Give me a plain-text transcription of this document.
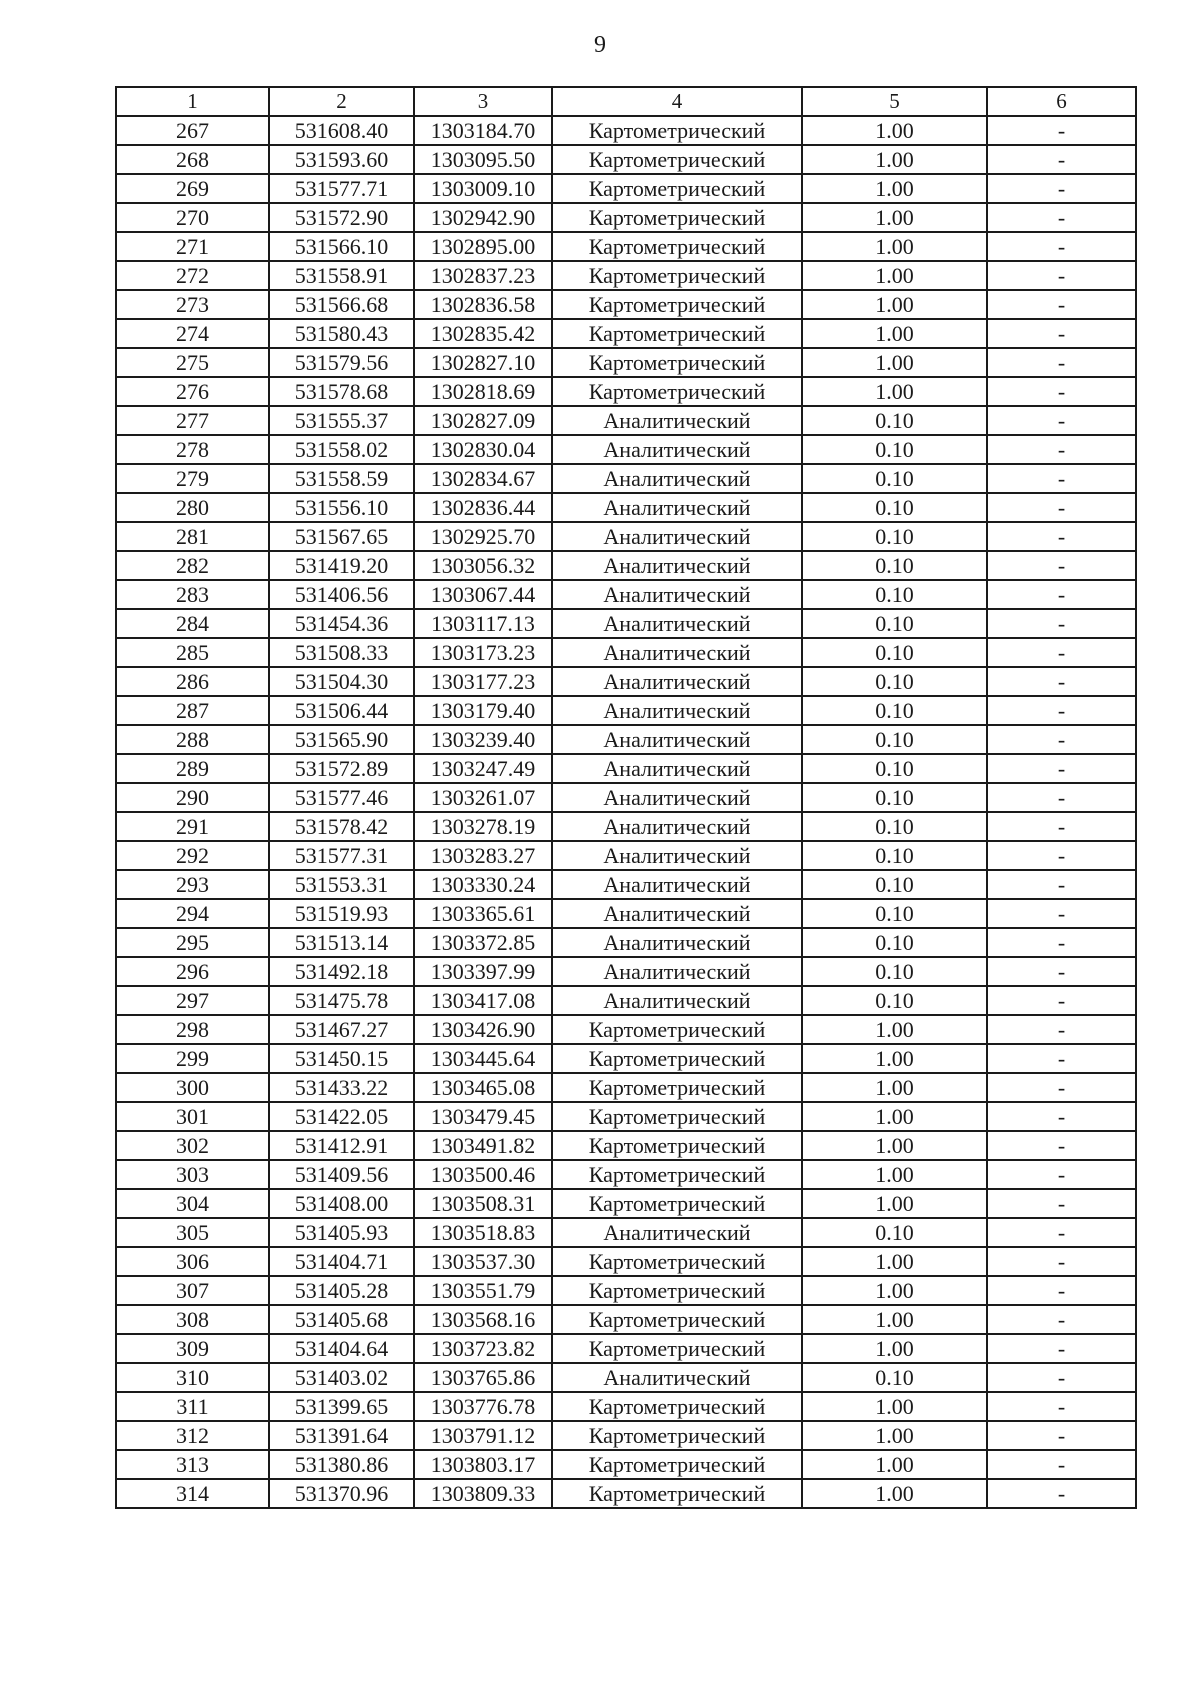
9
1	2	3	4	5	6
267	531608.40	1303184.70	Картометрический	1.00	-
268	531593.60	1303095.50	Картометрический	1.00	-
269	531577.71	1303009.10	Картометрический	1.00	-
270	531572.90	1302942.90	Картометрический	1.00	-
271	531566.10	1302895.00	Картометрический	1.00	-
272	531558.91	1302837.23	Картометрический	1.00	-
273	531566.68	1302836.58	Картометрический	1.00	-
274	531580.43	1302835.42	Картометрический	1.00	-
275	531579.56	1302827.10	Картометрический	1.00	-
276	531578.68	1302818.69	Картометрический	1.00	-
277	531555.37	1302827.09	Аналитический	0.10	-
278	531558.02	1302830.04	Аналитический	0.10	-
279	531558.59	1302834.67	Аналитический	0.10	-
280	531556.10	1302836.44	Аналитический	0.10	-
281	531567.65	1302925.70	Аналитический	0.10	-
282	531419.20	1303056.32	Аналитический	0.10	-
283	531406.56	1303067.44	Аналитический	0.10	-
284	531454.36	1303117.13	Аналитический	0.10	-
285	531508.33	1303173.23	Аналитический	0.10	-
286	531504.30	1303177.23	Аналитический	0.10	-
287	531506.44	1303179.40	Аналитический	0.10	-
288	531565.90	1303239.40	Аналитический	0.10	-
289	531572.89	1303247.49	Аналитический	0.10	-
290	531577.46	1303261.07	Аналитический	0.10	-
291	531578.42	1303278.19	Аналитический	0.10	-
292	531577.31	1303283.27	Аналитический	0.10	-
293	531553.31	1303330.24	Аналитический	0.10	-
294	531519.93	1303365.61	Аналитический	0.10	-
295	531513.14	1303372.85	Аналитический	0.10	-
296	531492.18	1303397.99	Аналитический	0.10	-
297	531475.78	1303417.08	Аналитический	0.10	-
298	531467.27	1303426.90	Картометрический	1.00	-
299	531450.15	1303445.64	Картометрический	1.00	-
300	531433.22	1303465.08	Картометрический	1.00	-
301	531422.05	1303479.45	Картометрический	1.00	-
302	531412.91	1303491.82	Картометрический	1.00	-
303	531409.56	1303500.46	Картометрический	1.00	-
304	531408.00	1303508.31	Картометрический	1.00	-
305	531405.93	1303518.83	Аналитический	0.10	-
306	531404.71	1303537.30	Картометрический	1.00	-
307	531405.28	1303551.79	Картометрический	1.00	-
308	531405.68	1303568.16	Картометрический	1.00	-
309	531404.64	1303723.82	Картометрический	1.00	-
310	531403.02	1303765.86	Аналитический	0.10	-
311	531399.65	1303776.78	Картометрический	1.00	-
312	531391.64	1303791.12	Картометрический	1.00	-
313	531380.86	1303803.17	Картометрический	1.00	-
314	531370.96	1303809.33	Картометрический	1.00	-
